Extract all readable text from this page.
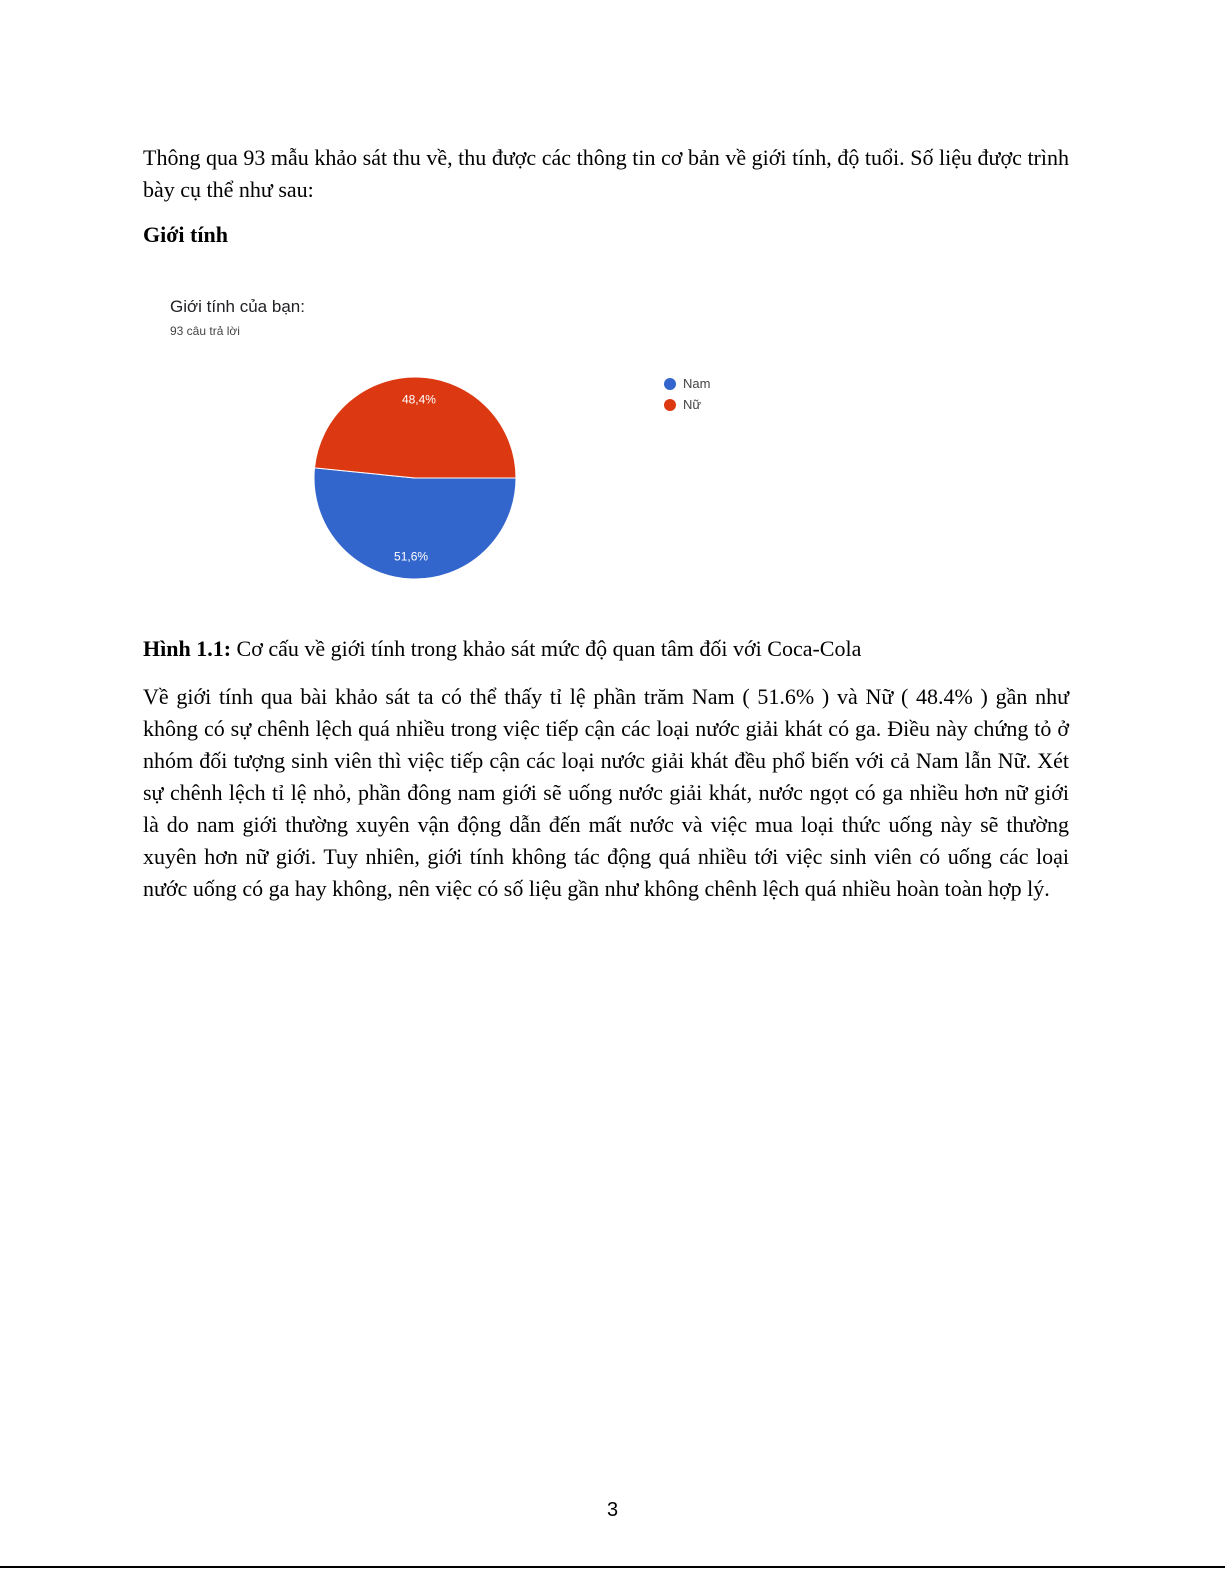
Thông qua 93 mẫu khảo sát thu về, thu được các thông tin cơ bản về giới tính, độ tuổi. Số liệu được trình bày cụ thể như sau:
Giới tính
Giới tính của bạn:
93 câu trả lời
51,6%
48,4%
Nam
Nữ
Hình 1.1: Cơ cấu về giới tính trong khảo sát mức độ quan tâm đối với Coca-Cola
Về giới tính qua bài khảo sát ta có thể thấy tỉ lệ phần trăm Nam ( 51.6% ) và Nữ ( 48.4% ) gần như không có sự chênh lệch quá nhiều trong việc tiếp cận các loại nước giải khát có ga. Điều này chứng tỏ ở nhóm đối tượng sinh viên thì việc tiếp cận các loại nước giải khát đều phổ biến với cả Nam lẫn Nữ. Xét sự chênh lệch tỉ lệ nhỏ, phần đông nam giới sẽ uống nước giải khát, nước ngọt có ga nhiều hơn nữ giới là do nam giới thường xuyên vận động dẫn đến mất nước và việc mua loại thức uống này sẽ thường xuyên hơn nữ giới. Tuy nhiên, giới tính không tác động quá nhiều tới việc sinh viên có uống các loại nước uống có ga hay không, nên việc có số liệu gần như không chênh lệch quá nhiều hoàn toàn hợp lý.
3
